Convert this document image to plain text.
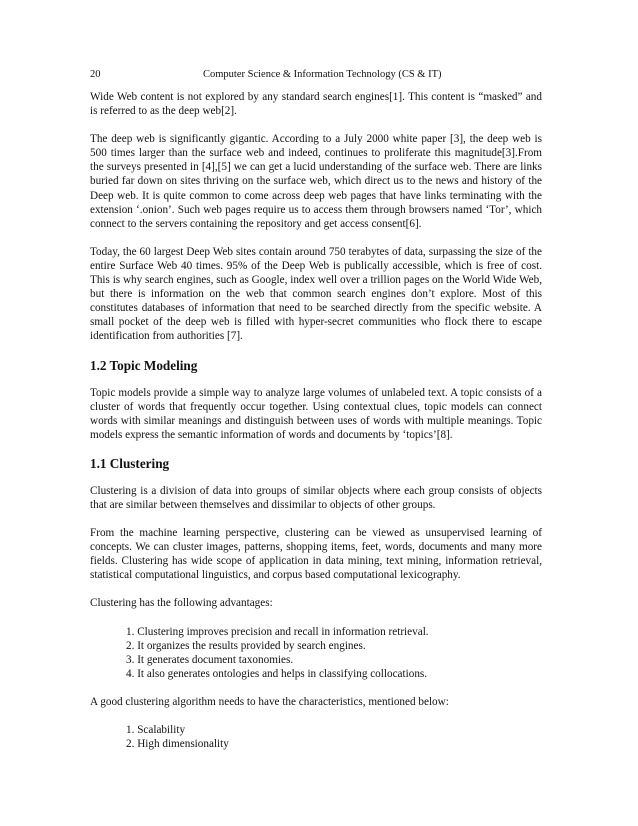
20	Computer Science & Information Technology (CS & IT)

Wide Web content is not explored by any standard search engines[1]. This content is “masked” and is referred to as the deep web[2].

The deep web is significantly gigantic. According to a July 2000 white paper [3], the deep web is 500 times larger than the surface web and indeed, continues to proliferate this magnitude[3].From the surveys presented in [4],[5] we can get a lucid understanding of the surface web. There are links buried far down on sites thriving on the surface web, which direct us to the news and history of the Deep web. It is quite common to come across deep web pages that have links terminating with the extension ‘.onion’. Such web pages require us to access them through browsers named ‘Tor’, which connect to the servers containing the repository and get access consent[6].

Today, the 60 largest Deep Web sites contain around 750 terabytes of data, surpassing the size of the entire Surface Web 40 times. 95% of the Deep Web is publically accessible, which is free of cost. This is why search engines, such as Google, index well over a trillion pages on the World Wide Web, but there is information on the web that common search engines don’t explore. Most of this constitutes databases of information that need to be searched directly from the specific website. A small pocket of the deep web is filled with hyper-secret communities who flock there to escape identification from authorities [7].

1.2 Topic Modeling

Topic models provide a simple way to analyze large volumes of unlabeled text. A topic consists of a cluster of words that frequently occur together. Using contextual clues, topic models can connect words with similar meanings and distinguish between uses of words with multiple meanings. Topic models express the semantic information of words and documents by ‘topics’[8].

1.1 Clustering

Clustering is a division of data into groups of similar objects where each group consists of objects that are similar between themselves and dissimilar to objects of other groups.

From the machine learning perspective, clustering can be viewed as unsupervised learning of concepts. We can cluster images, patterns, shopping items, feet, words, documents and many more fields. Clustering has wide scope of application in data mining, text mining, information retrieval, statistical computational linguistics, and corpus based computational lexicography.

Clustering has the following advantages:

1. Clustering improves precision and recall in information retrieval.
2. It organizes the results provided by search engines.
3. It generates document taxonomies.
4. It also generates ontologies and helps in classifying collocations.

A good clustering algorithm needs to have the characteristics, mentioned below:

1. Scalability
2. High dimensionality
